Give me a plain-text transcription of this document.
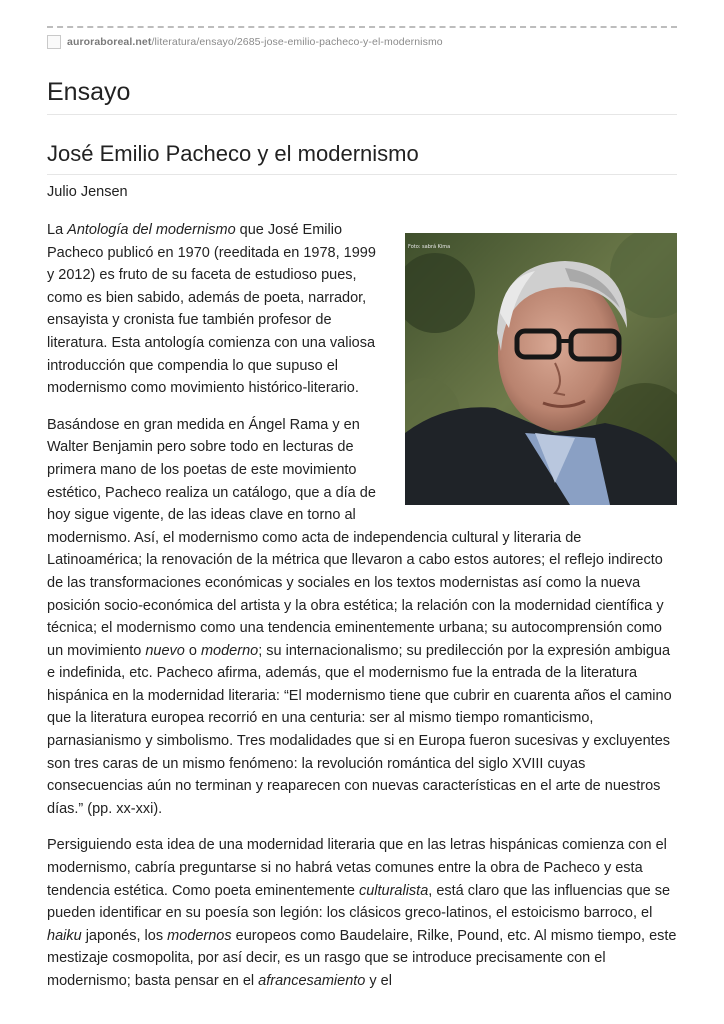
auroraboreal.net/literatura/ensayo/2685-jose-emilio-pacheco-y-el-modernismo
Ensayo
José Emilio Pacheco y el modernismo
Julio Jensen
Foto: sabrá Kima

La Antología del modernismo que José Emilio Pacheco publicó en 1970 (reeditada en 1978, 1999 y 2012) es fruto de su faceta de estudioso pues, como es bien sabido, además de poeta, narrador, ensayista y cronista fue también profesor de literatura. Esta antología comienza con una valiosa introducción que compendia lo que supuso el modernismo como movimiento histórico-literario.

Basándose en gran medida en Ángel Rama y en Walter Benjamin pero sobre todo en lecturas de primera mano de los poetas de este movimiento estético, Pacheco realiza un catálogo, que a día de hoy sigue vigente, de las ideas clave en torno al modernismo. Así, el modernismo como acta de independencia cultural y literaria de Latinoamérica; la renovación de la métrica que llevaron a cabo estos autores; el reflejo indirecto de las transformaciones económicas y sociales en los textos modernistas así como la nueva posición socio-económica del artista y la obra estética; la relación con la modernidad científica y técnica; el modernismo como una tendencia eminentemente urbana; su autocomprensión como un movimiento nuevo o moderno; su internacionalismo; su predilección por la expresión ambigua e indefinida, etc. Pacheco afirma, además, que el modernismo fue la entrada de la literatura hispánica en la modernidad literaria: “El modernismo tiene que cubrir en cuarenta años el camino que la literatura europea recorrió en una centuria: ser al mismo tiempo romanticismo, parnasianismo y simbolismo. Tres modalidades que si en Europa fueron sucesivas y excluyentes son tres caras de un mismo fenómeno: la revolución romántica del siglo XVIII cuyas consecuencias aún no terminan y reaparecen con nuevas características en el arte de nuestros días.” (pp. xx-xxi).

Persiguiendo esta idea de una modernidad literaria que en las letras hispánicas comienza con el modernismo, cabría preguntarse si no habrá vetas comunes entre la obra de Pacheco y esta tendencia estética. Como poeta eminentemente culturalista, está claro que las influencias que se pueden identificar en su poesía son legión: los clásicos greco-latinos, el estoicismo barroco, el haiku japonés, los modernos europeos como Baudelaire, Rilke, Pound, etc. Al mismo tiempo, este mestizaje cosmopolita, por así decir, es un rasgo que se introduce precisamente con el modernismo; basta pensar en el afrancesamiento y el
